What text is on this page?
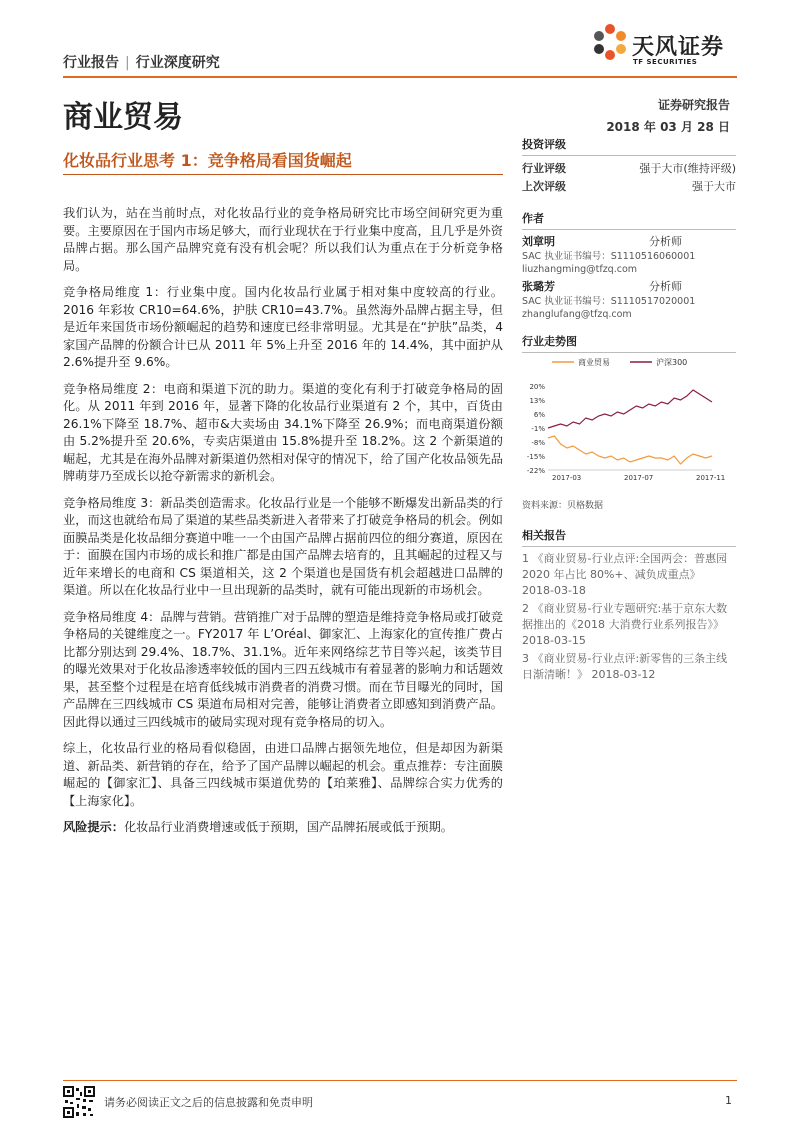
行业报告 | 行业深度研究
天风证券
TF SECURITIES
商业贸易	证券研究报告
2018 年 03 月 28 日
化妆品行业思考 1：竞争格局看国货崛起

我们认为，站在当前时点，对化妆品行业的竞争格局研究比市场空间研究更为重要。主要原因在于国内市场足够大，而行业现状在于行业集中度高，且几乎是外资品牌占据。那么国产品牌究竟有没有机会呢？所以我们认为重点在于分析竞争格局。

竞争格局维度 1：行业集中度。国内化妆品行业属于相对集中度较高的行业。2016 年彩妆 CR10=64.6%，护肤 CR10=43.7%。虽然海外品牌占据主导，但是近年来国货市场份额崛起的趋势和速度已经非常明显。尤其是在“护肤”品类，4 家国产品牌的份额合计已从 2011 年 5%上升至 2016 年的 14.4%，其中面护从 2.6%提升至 9.6%。

竞争格局维度 2：电商和渠道下沉的助力。渠道的变化有利于打破竞争格局的固化。从 2011 年到 2016 年，显著下降的化妆品行业渠道有 2 个，其中，百货由 26.1%下降至 18.7%、超市&大卖场由 34.1%下降至 26.9%；而电商渠道份额由 5.2%提升至 20.6%，专卖店渠道由 15.8%提升至 18.2%。这 2 个新渠道的崛起，尤其是在海外品牌对新渠道仍然相对保守的情况下，给了国产化妆品领先品牌萌芽乃至成长以抢夺新需求的新机会。

竞争格局维度 3：新品类创造需求。化妆品行业是一个能够不断爆发出新品类的行业，而这也就给布局了渠道的某些品类新进入者带来了打破竞争格局的机会。例如面膜品类是化妆品细分赛道中唯一一个由国产品牌占据前四位的细分赛道，原因在于：面膜在国内市场的成长和推广都是由国产品牌去培育的，且其崛起的过程又与近年来增长的电商和 CS 渠道相关，这 2 个渠道也是国货有机会超越进口品牌的渠道。所以在化妆品行业中一旦出现新的品类时，就有可能出现新的市场机会。

竞争格局维度 4：品牌与营销。营销推广对于品牌的塑造是维持竞争格局或打破竞争格局的关键维度之一。FY2017 年 L’Oréal、御家汇、上海家化的宣传推广费占比都分别达到 29.4%、18.7%、31.1%。近年来网络综艺节目等兴起，该类节目的曝光效果对于化妆品渗透率较低的国内三四五线城市有着显著的影响力和话题效果，甚至整个过程是在培育低线城市消费者的消费习惯。而在节目曝光的同时，国产品牌在三四线城市 CS 渠道布局相对完善，能够让消费者立即感知到消费产品。因此得以通过三四线城市的破局实现对现有竞争格局的切入。

综上，化妆品行业的格局看似稳固，由进口品牌占据领先地位，但是却因为新渠道、新品类、新营销的存在，给予了国产品牌以崛起的机会。重点推荐：专注面膜崛起的【御家汇】、具备三四线城市渠道优势的【珀莱雅】、品牌综合实力优秀的【上海家化】。

风险提示：化妆品行业消费增速或低于预期，国产品牌拓展或低于预期。

投资评级
行业评级	强于大市(维持评级)
上次评级	强于大市
作者
刘章明	分析师
SAC 执业证书编号：S1110516060001
liuzhangming@tfzq.com
张璐芳	分析师
SAC 执业证书编号：S1110517020001
zhanglufang@tfzq.com
行业走势图
商业贸易	沪深300
20%
13%
6%
-1%
-8%
-15%
-22%
2017-03	2017-07	2017-11
资料来源：贝格数据
相关报告
1 《商业贸易-行业点评:全国两会：普惠园 2020 年占比 80%+、减负成重点》 2018-03-18
2 《商业贸易-行业专题研究:基于京东大数据推出的《2018 大消费行业系列报告》》 2018-03-15
3 《商业贸易-行业点评:新零售的三条主线日渐清晰！》 2018-03-12
请务必阅读正文之后的信息披露和免责申明	1
